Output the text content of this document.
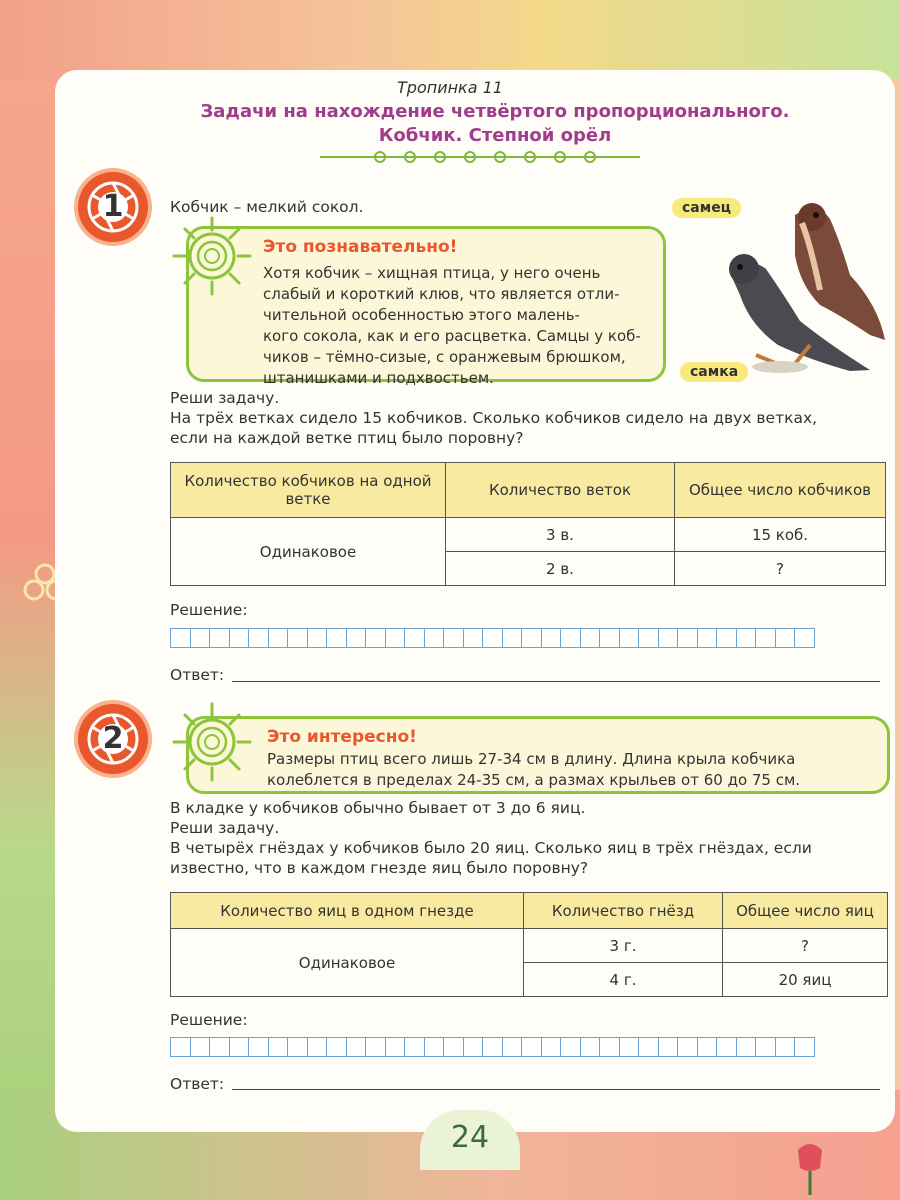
Тропинка 11
Задачи на нахождение четвёртого пропорционального.
Кобчик. Степной орёл
1	Кобчик – мелкий сокол.
Это познавательно!
Хотя кобчик – хищная птица, у него очень
слабый и короткий клюв, что является отли-
чительной особенностью этого малень-
кого сокола, как и его расцветка. Самцы у коб-
чиков – тёмно-сизые, с оранжевым брюшком,
штанишками и подхвостьем.
самец
самка
Реши задачу.
На трёх ветках сидело 15 кобчиков. Сколько кобчиков сидело на двух ветках,
если на каждой ветке птиц было поровну?
Количество кобчиков на одной ветке	Количество веток	Общее число кобчиков
Одинаковое	3 в.	15 коб.
	2 в.	?
Решение:
Ответ:
2	Это интересно!
Размеры птиц всего лишь 27-34 см в длину. Длина крыла кобчика
колеблется в пределах 24-35 см, а размах крыльев от 60 до 75 см.
В кладке у кобчиков обычно бывает от 3 до 6 яиц.
Реши задачу.
В четырёх гнёздах у кобчиков было 20 яиц. Сколько яиц в трёх гнёздах, если
известно, что в каждом гнезде яиц было поровну?
Количество яиц в одном гнезде	Количество гнёзд	Общее число яиц
Одинаковое	3 г.	?
	4 г.	20 яиц
Решение:
Ответ:
24
